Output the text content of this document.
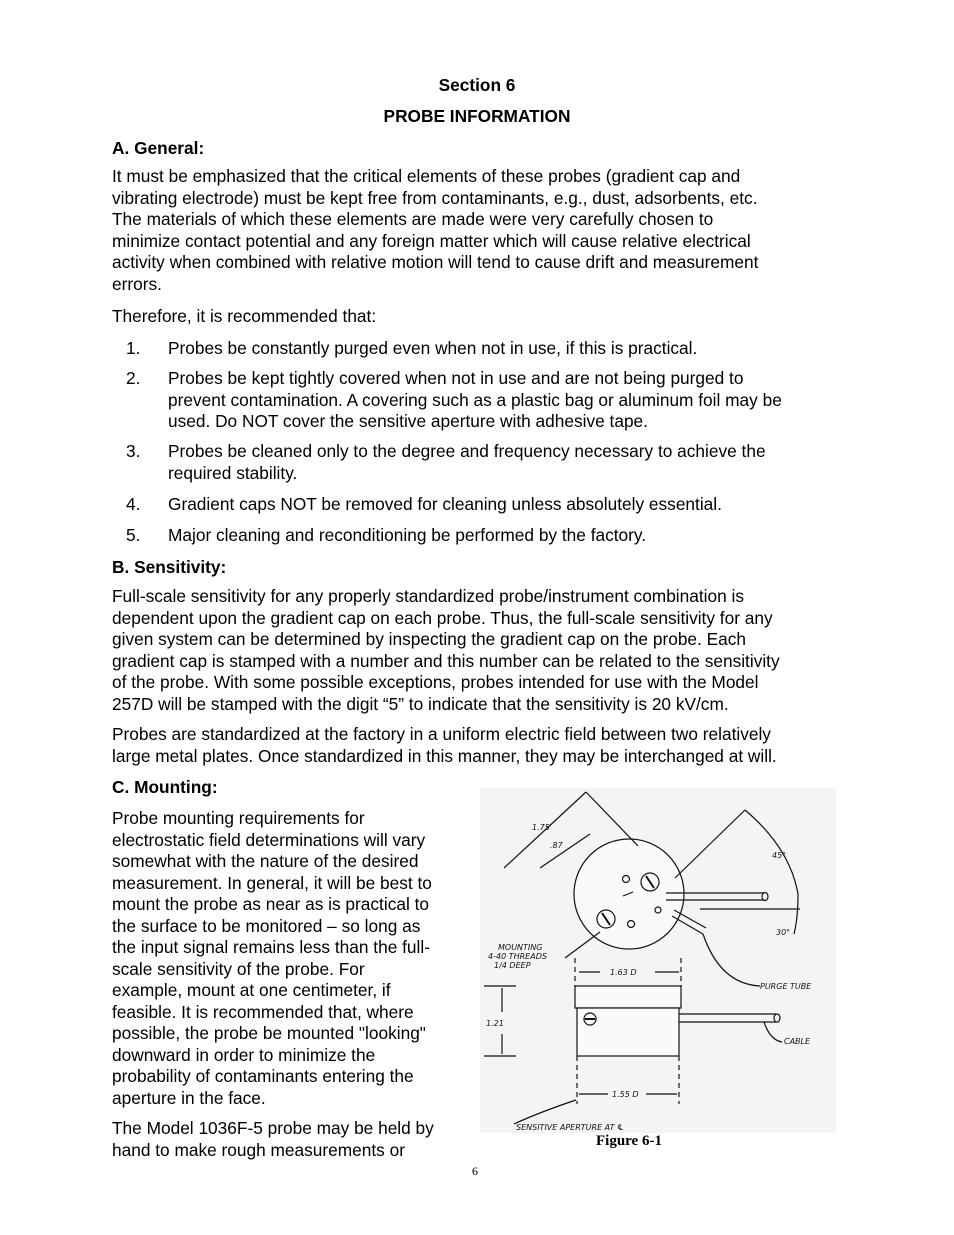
Section 6
PROBE INFORMATION
A. General:
It must be emphasized that the critical elements of these probes (gradient cap and
vibrating electrode) must be kept free from contaminants, e.g., dust, adsorbents, etc.
The materials of which these elements are made were very carefully chosen to
minimize contact potential and any foreign matter which will cause relative electrical
activity when combined with relative motion will tend to cause drift and measurement
errors.
Therefore, it is recommended that:
1. Probes be constantly purged even when not in use, if this is practical.
2. Probes be kept tightly covered when not in use and are not being purged to
prevent contamination. A covering such as a plastic bag or aluminum foil may be
used. Do NOT cover the sensitive aperture with adhesive tape.
3. Probes be cleaned only to the degree and frequency necessary to achieve the
required stability.
4. Gradient caps NOT be removed for cleaning unless absolutely essential.
5. Major cleaning and reconditioning be performed by the factory.
B. Sensitivity:
Full-scale sensitivity for any properly standardized probe/instrument combination is
dependent upon the gradient cap on each probe. Thus, the full-scale sensitivity for any
given system can be determined by inspecting the gradient cap on the probe. Each
gradient cap is stamped with a number and this number can be related to the sensitivity
of the probe. With some possible exceptions, probes intended for use with the Model
257D will be stamped with the digit “5” to indicate that the sensitivity is 20 kV/cm.
Probes are standardized at the factory in a uniform electric field between two relatively
large metal plates. Once standardized in this manner, they may be interchanged at will.
C. Mounting:
Probe mounting requirements for
electrostatic field determinations will vary
somewhat with the nature of the desired
measurement. In general, it will be best to
mount the probe as near as is practical to
the surface to be monitored – so long as
the input signal remains less than the full-
scale sensitivity of the probe. For
example, mount at one centimeter, if
feasible. It is recommended that, where
possible, the probe be mounted "looking"
downward in order to minimize the
probability of contaminants entering the
aperture in the face.
The Model 1036F-5 probe may be held by
hand to make rough measurements or
1.75
.87
45°
30°
MOUNTING
4-40 THREADS
1/4 DEEP
1.63 D
PURGE TUBE
1.21
CABLE
1.55 D
SENSITIVE APERTURE AT ℄
Figure 6-1
6
